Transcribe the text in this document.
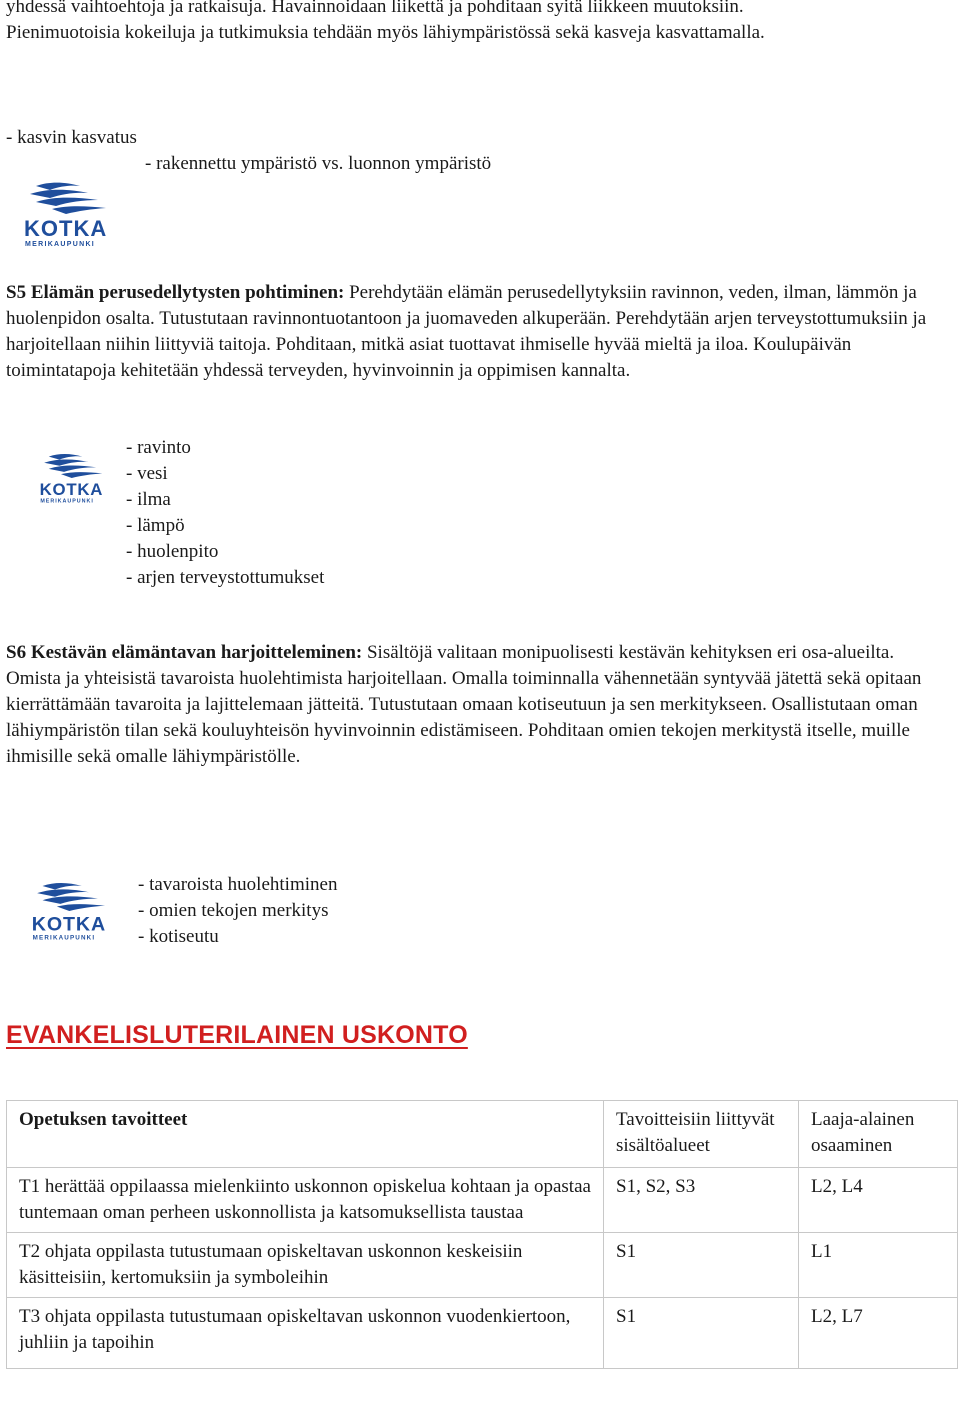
yhdessä vaihtoehtoja ja ratkaisuja. Havainnoidaan liikettä ja pohditaan syitä liikkeen muutoksiin.
Pienimuotoisia kokeiluja ja tutkimuksia tehdään myös lähiympäristössä sekä kasveja kasvattamalla.
- kasvin kasvatus
- rakennettu ympäristö vs. luonnon ympäristö
KOTKA
MERIKAUPUNKI
S5 Elämän perusedellytysten pohtiminen: Perehdytään elämän perusedellytyksiin ravinnon, veden, ilman, lämmön ja huolenpidon osalta. Tutustutaan ravinnontuotantoon ja juomaveden alkuperään. Perehdytään arjen terveystottumuksiin ja harjoitellaan niihin liittyviä taitoja. Pohditaan, mitkä asiat tuottavat ihmiselle hyvää mieltä ja iloa. Koulupäivän toimintatapoja kehitetään yhdessä terveyden, hyvinvoinnin ja oppimisen kannalta.
KOTKA
MERIKAUPUNKI
- ravinto
- vesi
- ilma
- lämpö
- huolenpito
- arjen terveystottumukset
S6 Kestävän elämäntavan harjoitteleminen: Sisältöjä valitaan monipuolisesti kestävän kehityksen eri osa-alueilta. Omista ja yhteisistä tavaroista huolehtimista harjoitellaan. Omalla toiminnalla vähennetään syntyvää jätettä sekä opitaan kierrättämään tavaroita ja lajittelemaan jätteitä. Tutustutaan omaan kotiseutuun ja sen merkitykseen. Osallistutaan oman lähiympäristön tilan sekä kouluyhteisön hyvinvoinnin edistämiseen. Pohditaan omien tekojen merkitystä itselle, muille ihmisille sekä omalle lähiympäristölle.
KOTKA
MERIKAUPUNKI
- tavaroista huolehtiminen
- omien tekojen merkitys
- kotiseutu
EVANKELISLUTERILAINEN USKONTO
Opetuksen tavoitteet	Tavoitteisiin liittyvät sisältöalueet	Laaja-alainen osaaminen
T1 herättää oppilaassa mielenkiinto uskonnon opiskelua kohtaan ja opastaa tuntemaan oman perheen uskonnollista ja katsomuksellista taustaa	S1, S2, S3	L2, L4
T2 ohjata oppilasta tutustumaan opiskeltavan uskonnon keskeisiin käsitteisiin, kertomuksiin ja symboleihin	S1	L1
T3 ohjata oppilasta tutustumaan opiskeltavan uskonnon vuodenkiertoon, juhliin ja tapoihin	S1	L2, L7
